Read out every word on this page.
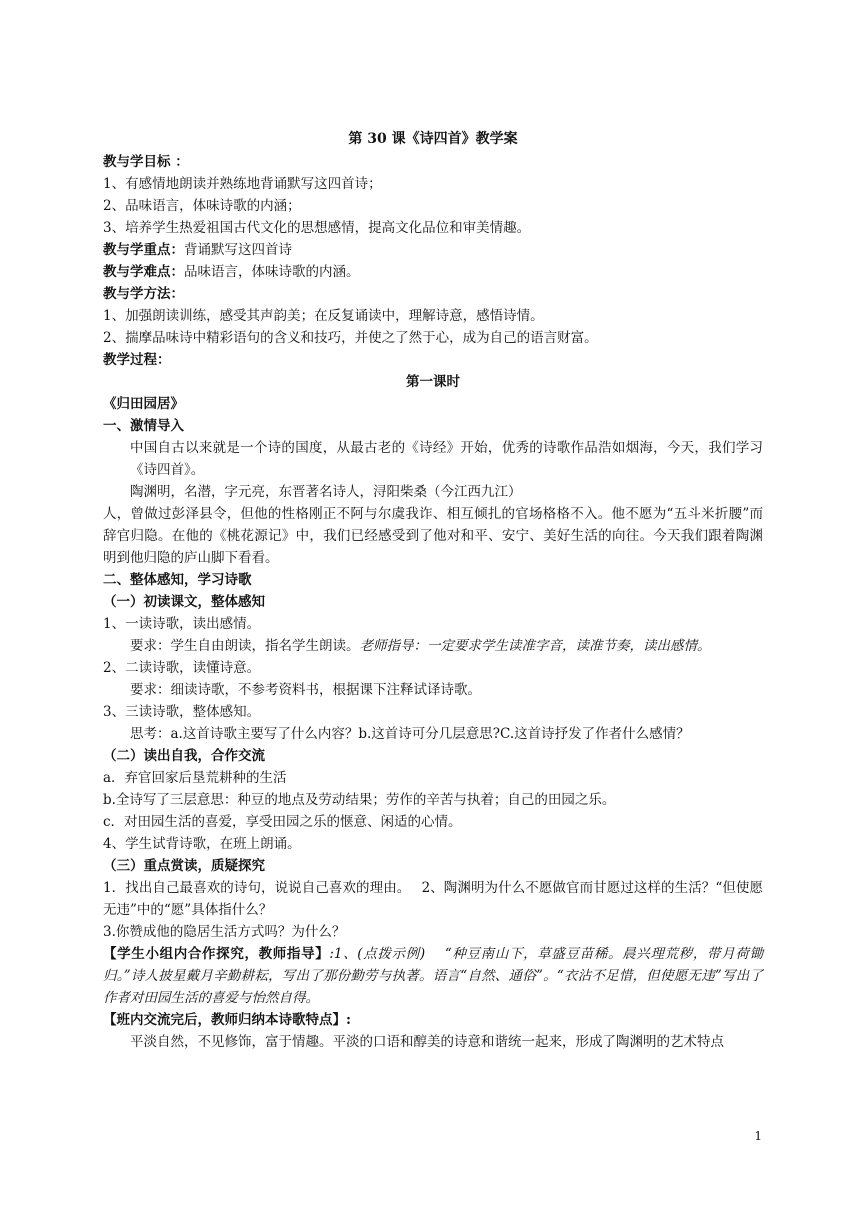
第 30 课《诗四首》教学案
教与学目标 ：
1、有感情地朗读并熟练地背诵默写这四首诗；
2、品味语言，体味诗歌的内涵；
3、培养学生热爱祖国古代文化的思想感情，提高文化品位和审美情趣。
教与学重点：背诵默写这四首诗
教与学难点：品味语言，体味诗歌的内涵。
教与学方法：
1、加强朗读训练，感受其声韵美；在反复诵读中，理解诗意，感悟诗情。
2、揣摩品味诗中精彩语句的含义和技巧，并使之了然于心，成为自己的语言财富。
教学过程：
第一课时
《归田园居》
一、激情导入
中国自古以来就是一个诗的国度，从最古老的《诗经》开始，优秀的诗歌作品浩如烟海，今天，我们学习《诗四首》。
陶渊明，名潜，字元亮，东晋著名诗人，浔阳柴桑（今江西九江）
人，曾做过彭泽县令，但他的性格刚正不阿与尔虞我诈、相互倾扎的官场格格不入。他不愿为“五斗米折腰”而辞官归隐。在他的《桃花源记》中，我们已经感受到了他对和平、安宁、美好生活的向往。今天我们跟着陶渊明到他归隐的庐山脚下看看。
二、整体感知，学习诗歌
（一）初读课文，整体感知
1、一读诗歌，读出感情。
要求：学生自由朗读，指名学生朗读。老师指导：一定要求学生读准字音，读准节奏，读出感情。
2、二读诗歌，读懂诗意。
要求：细读诗歌，不参考资料书，根据课下注释试译诗歌。
3、三读诗歌，整体感知。
思考：a.这首诗歌主要写了什么内容？b.这首诗可分几层意思?C.这首诗抒发了作者什么感情？
（二）读出自我，合作交流
a．弃官回家后垦荒耕种的生活
b.全诗写了三层意思：种豆的地点及劳动结果；劳作的辛苦与执着；自己的田园之乐。
c．对田园生活的喜爱，享受田园之乐的惬意、闲适的心情。
4、学生试背诗歌，在班上朗诵。
（三）重点赏读，质疑探究
1．找出自己最喜欢的诗句，说说自己喜欢的理由。　 2、陶渊明为什么不愿做官而甘愿过这样的生活？“但使愿无违”中的“愿”具体指什么？
3.你赞成他的隐居生活方式吗？为什么？
【学生小组内合作探究，教师指导】:1、(点拨示例)　 “种豆南山下，草盛豆苗稀。晨兴理荒秽，带月荷锄归。”诗人披星戴月辛勤耕耘，写出了那份勤劳与执著。语言“自然、通俗”。“衣沾不足惜，但使愿无违”写出了作者对田园生活的喜爱与怡然自得。
【班内交流完后，教师归纳本诗歌特点】:
平淡自然，不见修饰，富于情趣。平淡的口语和醇美的诗意和谐统一起来，形成了陶渊明的艺术特点
1
